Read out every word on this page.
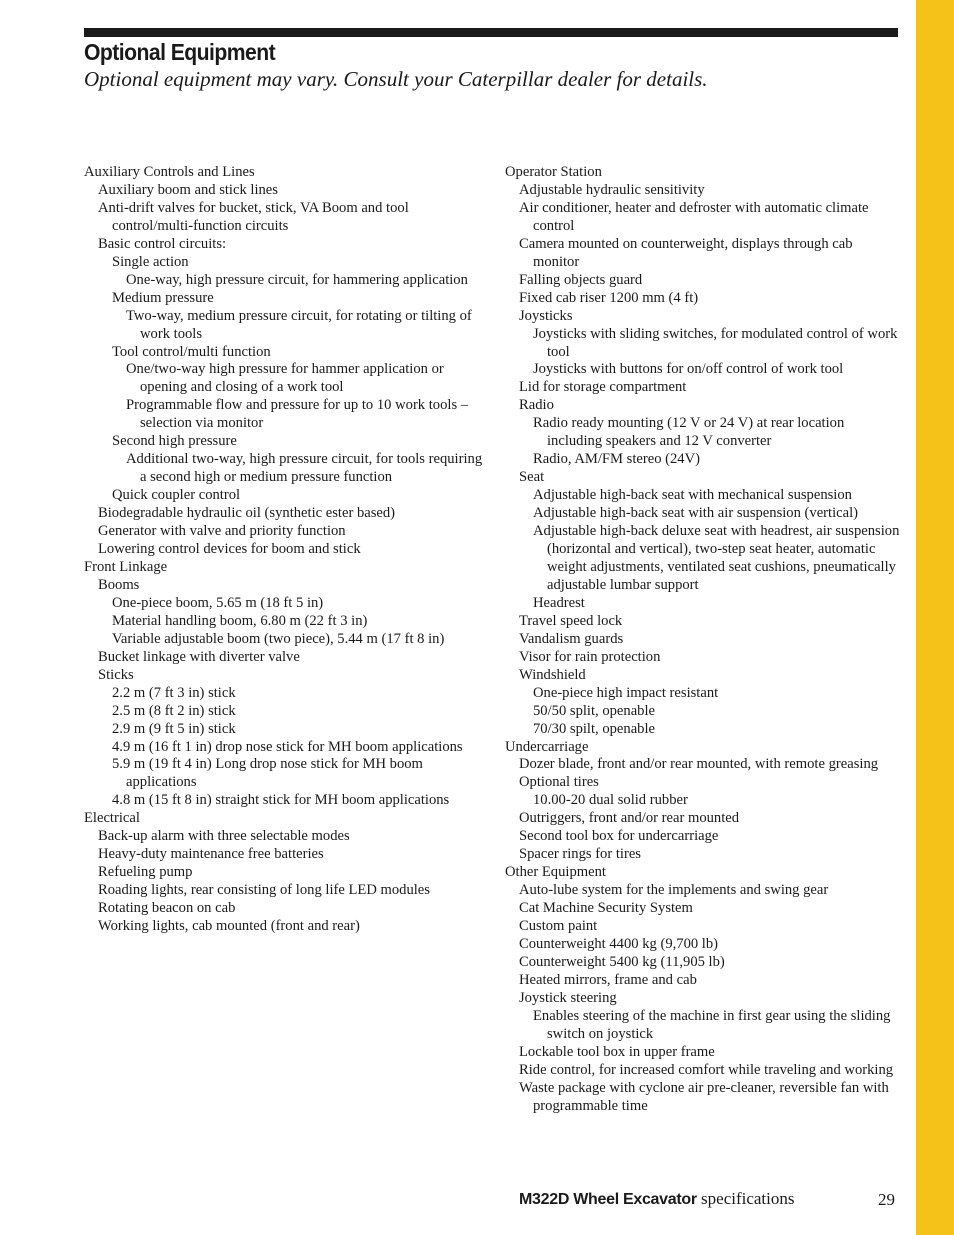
Optional Equipment
Optional equipment may vary. Consult your Caterpillar dealer for details.
Auxiliary Controls and Lines
Auxiliary boom and stick lines
Anti-drift valves for bucket, stick, VA Boom and tool control/multi-function circuits
Basic control circuits:
Single action
One-way, high pressure circuit, for hammering application
Medium pressure
Two-way, medium pressure circuit, for rotating or tilting of work tools
Tool control/multi function
One/two-way high pressure for hammer application or opening and closing of a work tool
Programmable flow and pressure for up to 10 work tools – selection via monitor
Second high pressure
Additional two-way, high pressure circuit, for tools requiring a second high or medium pressure function
Quick coupler control
Biodegradable hydraulic oil (synthetic ester based)
Generator with valve and priority function
Lowering control devices for boom and stick
Front Linkage
Booms
One-piece boom, 5.65 m (18 ft 5 in)
Material handling boom, 6.80 m (22 ft 3 in)
Variable adjustable boom (two piece), 5.44 m (17 ft 8 in)
Bucket linkage with diverter valve
Sticks
2.2 m (7 ft 3 in) stick
2.5 m (8 ft 2 in) stick
2.9 m (9 ft 5 in) stick
4.9 m (16 ft 1 in) drop nose stick for MH boom applications
5.9 m (19 ft 4 in) Long drop nose stick for MH boom applications
4.8 m (15 ft 8 in) straight stick for MH boom applications
Electrical
Back-up alarm with three selectable modes
Heavy-duty maintenance free batteries
Refueling pump
Roading lights, rear consisting of long life LED modules
Rotating beacon on cab
Working lights, cab mounted (front and rear)
Operator Station
Adjustable hydraulic sensitivity
Air conditioner, heater and defroster with automatic climate control
Camera mounted on counterweight, displays through cab monitor
Falling objects guard
Fixed cab riser 1200 mm (4 ft)
Joysticks
Joysticks with sliding switches, for modulated control of work tool
Joysticks with buttons for on/off control of work tool
Lid for storage compartment
Radio
Radio ready mounting (12 V or 24 V) at rear location including speakers and 12 V converter
Radio, AM/FM stereo (24V)
Seat
Adjustable high-back seat with mechanical suspension
Adjustable high-back seat with air suspension (vertical)
Adjustable high-back deluxe seat with headrest, air suspension (horizontal and vertical), two-step seat heater, automatic weight adjustments, ventilated seat cushions, pneumatically adjustable lumbar support
Headrest
Travel speed lock
Vandalism guards
Visor for rain protection
Windshield
One-piece high impact resistant
50/50 split, openable
70/30 spilt, openable
Undercarriage
Dozer blade, front and/or rear mounted, with remote greasing
Optional tires
10.00-20 dual solid rubber
Outriggers, front and/or rear mounted
Second tool box for undercarriage
Spacer rings for tires
Other Equipment
Auto-lube system for the implements and swing gear
Cat Machine Security System
Custom paint
Counterweight 4400 kg (9,700 lb)
Counterweight 5400 kg (11,905 lb)
Heated mirrors, frame and cab
Joystick steering
Enables steering of the machine in first gear using the sliding switch on joystick
Lockable tool box in upper frame
Ride control, for increased comfort while traveling and working
Waste package with cyclone air pre-cleaner, reversible fan with programmable time
M322D Wheel Excavator specifications	29
